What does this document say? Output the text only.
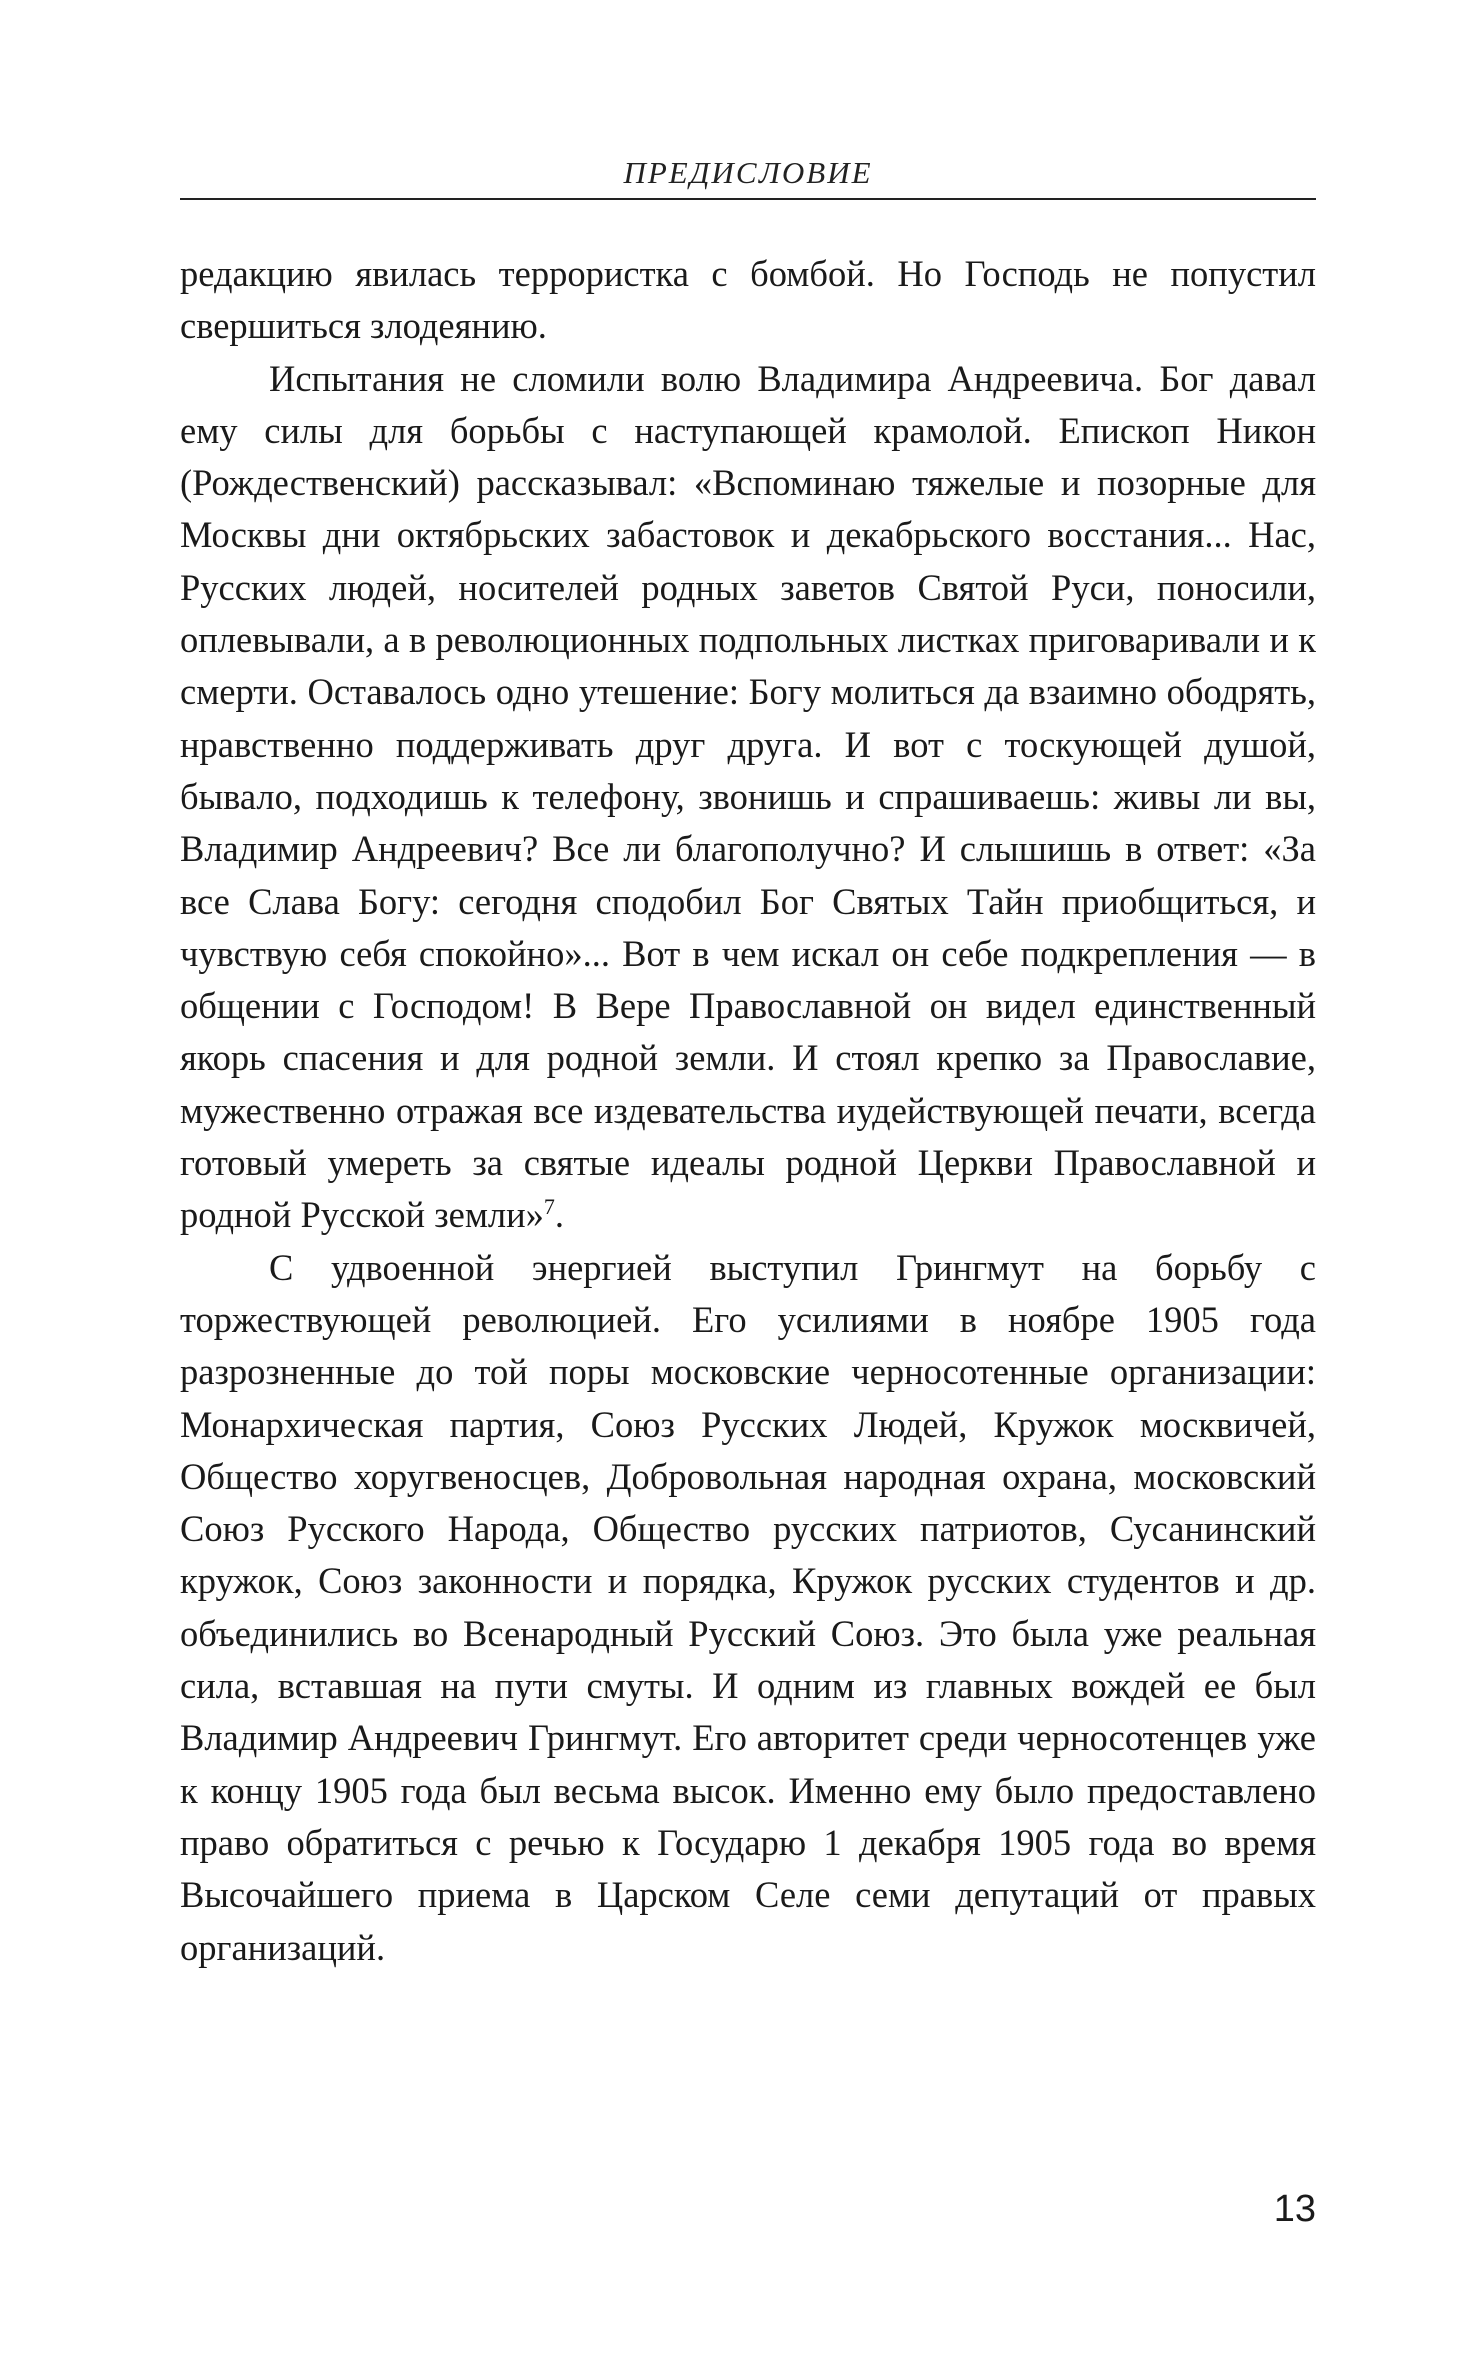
ПРЕДИСЛОВИЕ

редакцию явилась террористка с бомбой. Но Господь не попустил свершиться злодеянию.

Испытания не сломили волю Владимира Андреевича. Бог давал ему силы для борьбы с наступающей крамолой. Епископ Никон (Рождественский) рассказывал: «Вспоминаю тяжелые и позорные для Москвы дни октябрьских забастовок и декабрьского восстания... Нас, Русских людей, носителей родных заветов Святой Руси, поносили, оплевывали, а в революционных подпольных листках приговаривали и к смерти. Оставалось одно утешение: Богу молиться да взаимно ободрять, нравственно поддерживать друг друга. И вот с тоскующей душой, бывало, подходишь к телефону, звонишь и спрашиваешь: живы ли вы, Владимир Андреевич? Все ли благополучно? И слышишь в ответ: «За все Слава Богу: сегодня сподобил Бог Святых Тайн приобщиться, и чувствую себя спокойно»... Вот в чем искал он себе подкрепления — в общении с Господом! В Вере Православной он видел единственный якорь спасения и для родной земли. И стоял крепко за Православие, мужественно отражая все издевательства иудействующей печати, всегда готовый умереть за святые идеалы родной Церкви Православной и родной Русской земли»$^7$.

С удвоенной энергией выступил Грингмут на борьбу с торжествующей революцией. Его усилиями в ноябре 1905 года разрозненные до той поры московские черносотенные организации: Монархическая партия, Союз Русских Людей, Кружок москвичей, Общество хоругвеносцев, Добровольная народная охрана, московский Союз Русского Народа, Общество русских патриотов, Сусанинский кружок, Союз законности и порядка, Кружок русских студентов и др. объединились во Всенародный Русский Союз. Это была уже реальная сила, вставшая на пути смуты. И одним из главных вождей ее был Владимир Андреевич Грингмут. Его авторитет среди черносотенцев уже к концу 1905 года был весьма высок. Именно ему было предоставлено право обратиться с речью к Государю 1 декабря 1905 года во время Высочайшего приема в Царском Селе семи депутаций от правых организаций.

13
